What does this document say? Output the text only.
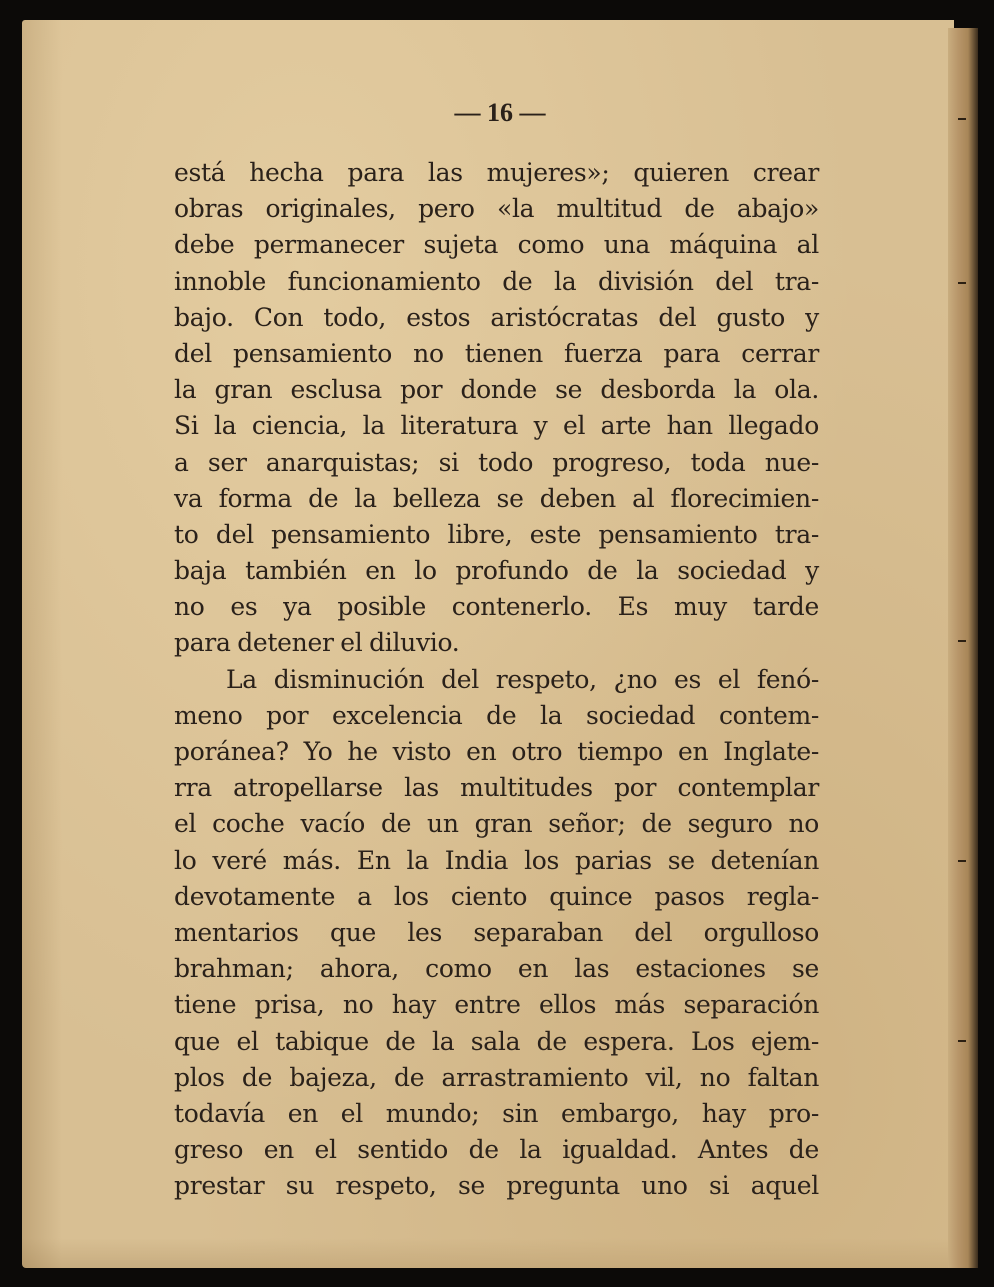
— 16 —

está hecha para las mujeres»; quieren crear
obras originales, pero «la multitud de abajo»
debe permanecer sujeta como una máquina al
innoble funcionamiento de la división del tra-
bajo. Con todo, estos aristócratas del gusto y
del pensamiento no tienen fuerza para cerrar
la gran esclusa por donde se desborda la ola.
Si la ciencia, la literatura y el arte han llegado
a ser anarquistas; si todo progreso, toda nue-
va forma de la belleza se deben al florecimien-
to del pensamiento libre, este pensamiento tra-
baja también en lo profundo de la sociedad y
no es ya posible contenerlo. Es muy tarde
para detener el diluvio.
La disminución del respeto, ¿no es el fenó-
meno por excelencia de la sociedad contem-
poránea? Yo he visto en otro tiempo en Inglate-
rra atropellarse las multitudes por contemplar
el coche vacío de un gran señor; de seguro no
lo veré más. En la India los parias se detenían
devotamente a los ciento quince pasos regla-
mentarios que les separaban del orgulloso
brahman; ahora, como en las estaciones se
tiene prisa, no hay entre ellos más separación
que el tabique de la sala de espera. Los ejem-
plos de bajeza, de arrastramiento vil, no faltan
todavía en el mundo; sin embargo, hay pro-
greso en el sentido de la igualdad. Antes de
prestar su respeto, se pregunta uno si aquel
